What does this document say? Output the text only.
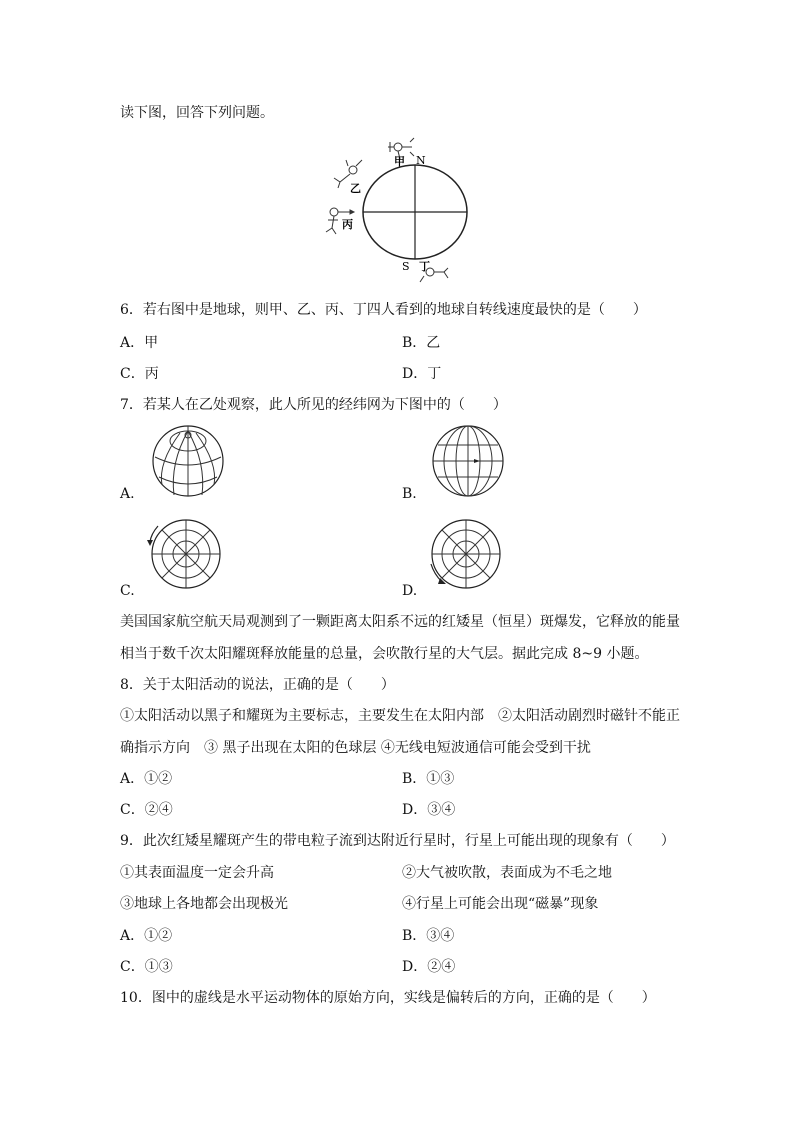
读下图，回答下列问题。
甲 N
乙
丙
S 丁
6．若右图中是地球，则甲、乙、丙、丁四人看到的地球自转线速度最快的是（　　）
A．甲	B．乙
C．丙	D．丁
7．若某人在乙处观察，此人所见的经纬网为下图中的（　　）
A.	B.
C.	D.
美国国家航空航天局观测到了一颗距离太阳系不远的红矮星（恒星）斑爆发，它释放的能量
相当于数千次太阳耀斑释放能量的总量，会吹散行星的大气层。据此完成 8~9 小题。
8．关于太阳活动的说法，正确的是（　　）
①太阳活动以黑子和耀斑为主要标志，主要发生在太阳内部　②太阳活动剧烈时磁针不能正
确指示方向　③ 黑子出现在太阳的色球层 ④无线电短波通信可能会受到干扰
A．①②	B．①③
C．②④	D．③④
9．此次红矮星耀斑产生的带电粒子流到达附近行星时，行星上可能出现的现象有（　　）
①其表面温度一定会升高	②大气被吹散，表面成为不毛之地
③地球上各地都会出现极光	④行星上可能会出现“磁暴”现象
A．①②	B．③④
C．①③	D．②④
10．图中的虚线是水平运动物体的原始方向，实线是偏转后的方向，正确的是（　　）
